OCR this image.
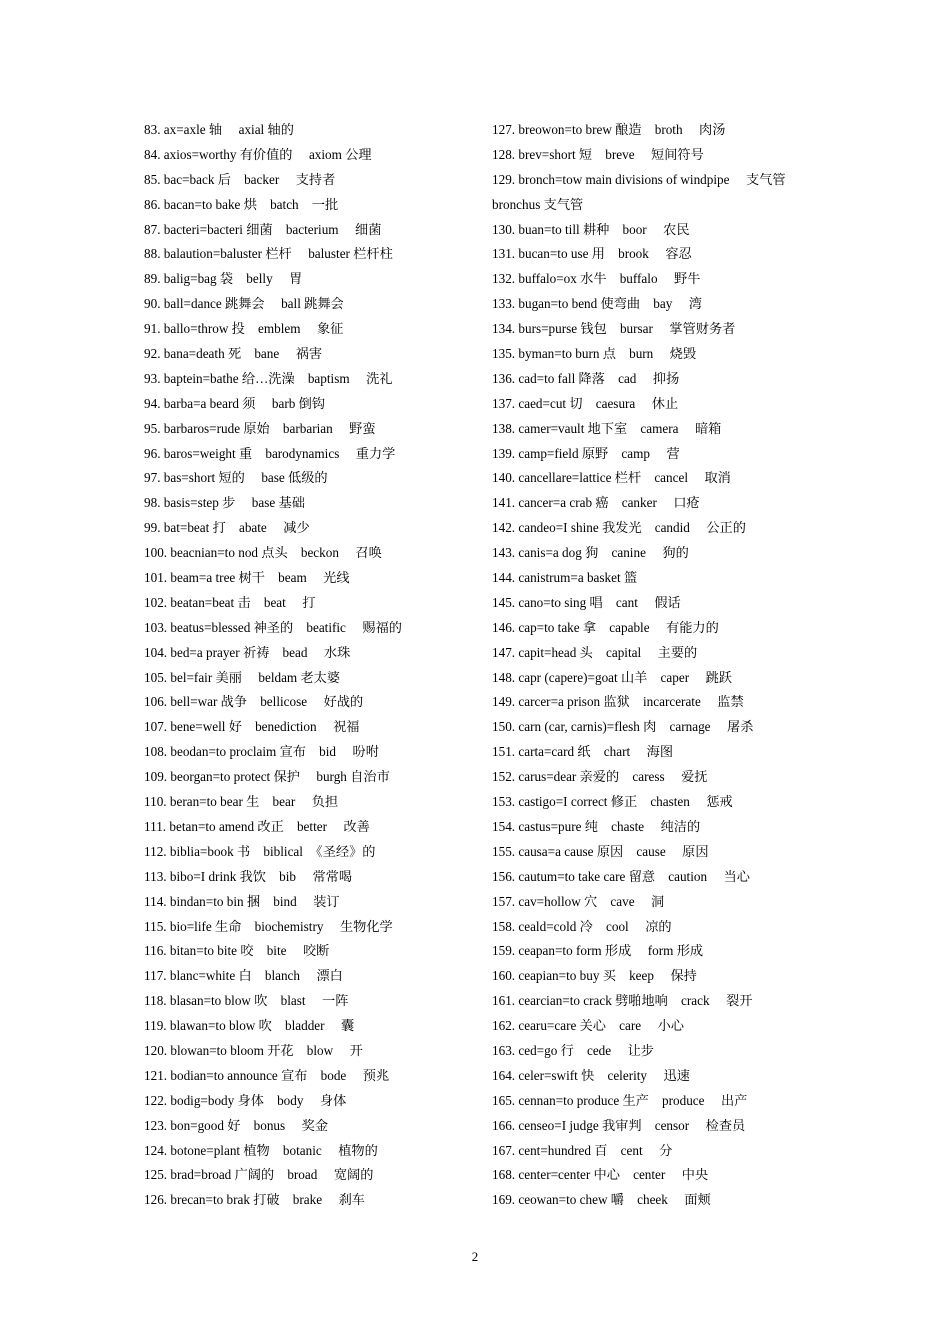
83. ax=axle 轴　 axial 轴的
84. axios=worthy 有价值的　 axiom 公理
85. bac=back 后　backer　 支持者
86. bacan=to bake 烘　batch　一批
87. bacteri=bacteri 细菌　bacterium　 细菌
88. balaution=baluster 栏杆　 baluster 栏杆柱
89. balig=bag 袋　belly　 胃
90. ball=dance 跳舞会　 ball 跳舞会
91. ballo=throw 投　emblem　 象征
92. bana=death 死　bane　 祸害
93. baptein=bathe 给…洗澡　baptism　 洗礼
94. barba=a beard 须　 barb 倒钩
95. barbaros=rude 原始　barbarian　 野蛮
96. baros=weight 重　barodynamics　 重力学
97. bas=short 短的　 base 低级的
98. basis=step 步　 base 基础
99. bat=beat 打　abate　 减少
100. beacnian=to nod 点头　beckon　 召唤
101. beam=a tree 树干　beam　 光线
102. beatan=beat 击　beat　 打
103. beatus=blessed 神圣的　beatific　 赐福的
104. bed=a prayer 祈祷　bead　 水珠
105. bel=fair 美丽　 beldam 老太婆
106. bell=war 战争　bellicose　 好战的
107. bene=well 好　benediction　 祝福
108. beodan=to proclaim 宣布　bid　 吩咐
109. beorgan=to protect 保护　 burgh 自治市
110. beran=to bear 生　bear　 负担
111. betan=to amend 改正　better　 改善
112. biblia=book 书　biblical　《圣经》的
113. bibo=I drink 我饮　bib　 常常喝
114. bindan=to bin 捆　bind　 装订
115. bio=life 生命　biochemistry　 生物化学
116. bitan=to bite 咬　bite　 咬断
117. blanc=white 白　blanch　 漂白
118. blasan=to blow 吹　blast　 一阵
119. blawan=to blow 吹　bladder　 囊
120. blowan=to bloom 开花　blow　 开
121. bodian=to announce 宣布　bode　 预兆
122. bodig=body 身体　body　 身体
123. bon=good 好　bonus　 奖金
124. botone=plant 植物　botanic　 植物的
125. brad=broad 广阔的　broad　 宽阔的
126. brecan=to brak 打破　brake　 刹车
127. breowon=to brew 酿造　broth　 肉汤
128. brev=short 短　breve　 短间符号
129. bronch=tow main divisions of windpipe　 支气管
bronchus 支气管
130. buan=to till 耕种　boor　 农民
131. bucan=to use 用　brook　 容忍
132. buffalo=ox 水牛　buffalo　 野牛
133. bugan=to bend 使弯曲　bay　 湾
134. burs=purse 钱包　bursar　 掌管财务者
135. byman=to burn 点　burn　 烧毁
136. cad=to fall 降落　cad　 抑扬
137. caed=cut 切　caesura　 休止
138. camer=vault 地下室　camera　 暗箱
139. camp=field 原野　camp　 营
140. cancellare=lattice 栏杆　cancel　 取消
141. cancer=a crab 癌　canker　 口疮
142. candeo=I shine 我发光　candid　 公正的
143. canis=a dog 狗　canine　 狗的
144. canistrum=a basket 篮
145. cano=to sing 唱　cant　 假话
146. cap=to take 拿　capable　 有能力的
147. capit=head 头　capital　 主要的
148. capr (capere)=goat 山羊　caper　 跳跃
149. carcer=a prison 监狱　incarcerate　 监禁
150. carn (car, carnis)=flesh 肉　carnage　 屠杀
151. carta=card 纸　chart　 海图
152. carus=dear 亲爱的　caress　 爱抚
153. castigo=I correct 修正　chasten　 惩戒
154. castus=pure 纯　chaste　 纯洁的
155. causa=a cause 原因　cause　 原因
156. cautum=to take care 留意　caution　 当心
157. cav=hollow 穴　cave　 洞
158. ceald=cold 冷　cool　 凉的
159. ceapan=to form 形成　 form 形成
160. ceapian=to buy 买　keep　 保持
161. cearcian=to crack 劈啪地响　crack　 裂开
162. cearu=care 关心　care　 小心
163. ced=go 行　cede　 让步
164. celer=swift 快　celerity　 迅速
165. cennan=to produce 生产　produce　 出产
166. censeo=I judge 我审判　censor　 检查员
167. cent=hundred 百　cent　 分
168. center=center 中心　center　 中央
169. ceowan=to chew 嚼　cheek　 面颊
2
